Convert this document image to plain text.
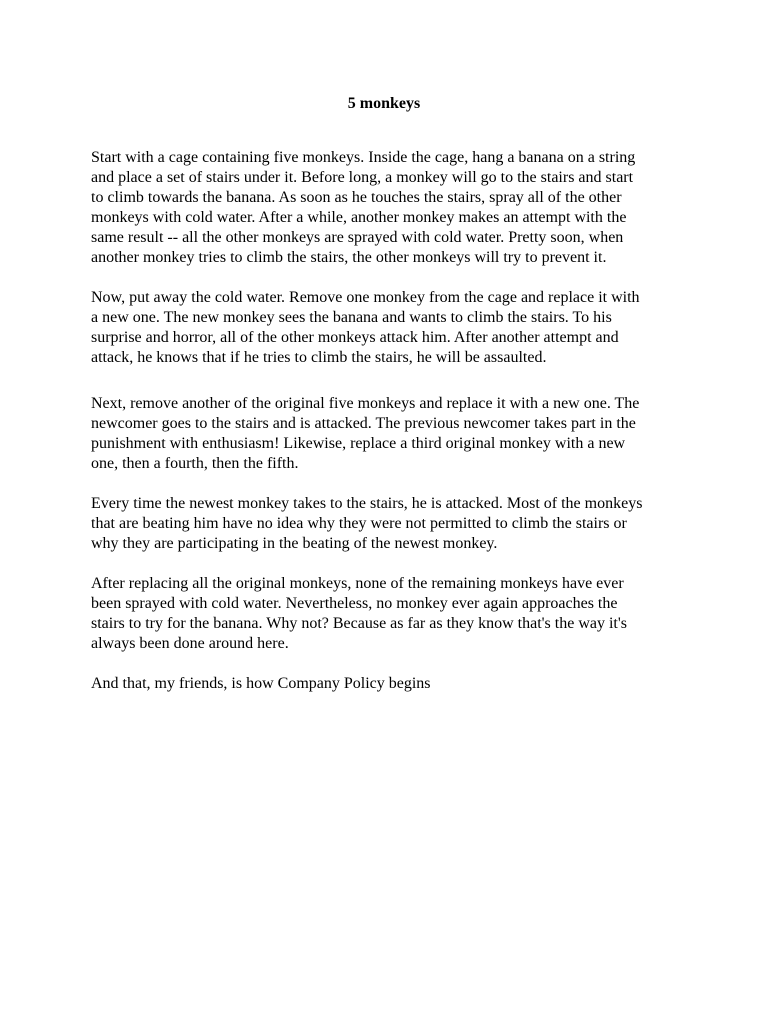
5 monkeys

Start with a cage containing five monkeys. Inside the cage, hang a banana on a string
and place a set of stairs under it. Before long, a monkey will go to the stairs and start
to climb towards the banana. As soon as he touches the stairs, spray all of the other
monkeys with cold water. After a while, another monkey makes an attempt with the
same result -- all the other monkeys are sprayed with cold water. Pretty soon, when
another monkey tries to climb the stairs, the other monkeys will try to prevent it.

Now, put away the cold water. Remove one monkey from the cage and replace it with
a new one. The new monkey sees the banana and wants to climb the stairs. To his
surprise and horror, all of the other monkeys attack him. After another attempt and
attack, he knows that if he tries to climb the stairs, he will be assaulted.

Next, remove another of the original five monkeys and replace it with a new one. The
newcomer goes to the stairs and is attacked. The previous newcomer takes part in the
punishment with enthusiasm! Likewise, replace a third original monkey with a new
one, then a fourth, then the fifth.

Every time the newest monkey takes to the stairs, he is attacked. Most of the monkeys
that are beating him have no idea why they were not permitted to climb the stairs or
why they are participating in the beating of the newest monkey.

After replacing all the original monkeys, none of the remaining monkeys have ever
been sprayed with cold water. Nevertheless, no monkey ever again approaches the
stairs to try for the banana. Why not? Because as far as they know that's the way it's
always been done around here.

And that, my friends, is how Company Policy begins
